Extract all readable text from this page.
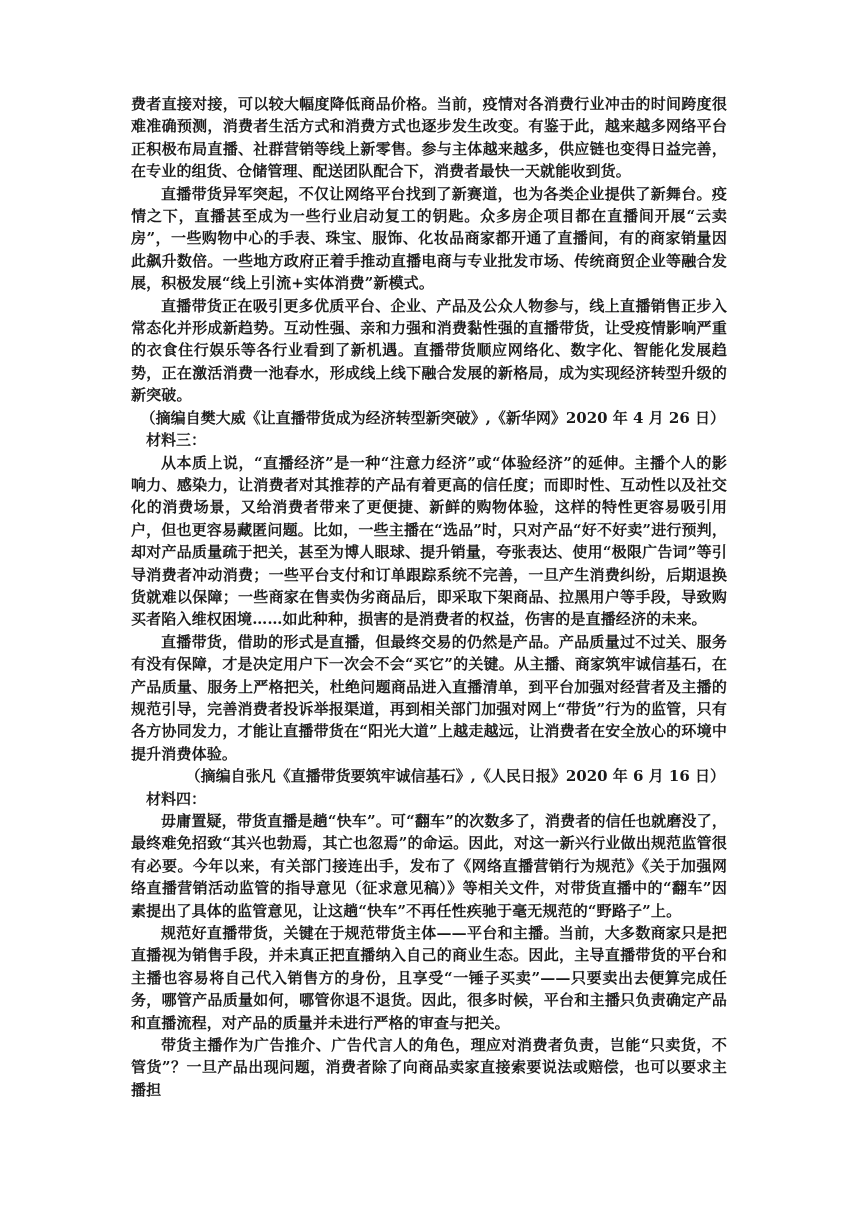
费者直接对接，可以较大幅度降低商品价格。当前，疫情对各消费行业冲击的时间跨度很难准确预测，消费者生活方式和消费方式也逐步发生改变。有鉴于此，越来越多网络平台正积极布局直播、社群营销等线上新零售。参与主体越来越多，供应链也变得日益完善，在专业的组货、仓储管理、配送团队配合下，消费者最快一天就能收到货。

直播带货异军突起，不仅让网络平台找到了新赛道，也为各类企业提供了新舞台。疫情之下，直播甚至成为一些行业启动复工的钥匙。众多房企项目都在直播间开展“云卖房”，一些购物中心的手表、珠宝、服饰、化妆品商家都开通了直播间，有的商家销量因此飙升数倍。一些地方政府正着手推动直播电商与专业批发市场、传统商贸企业等融合发展，积极发展“线上引流+实体消费”新模式。

直播带货正在吸引更多优质平台、企业、产品及公众人物参与，线上直播销售正步入常态化并形成新趋势。互动性强、亲和力强和消费黏性强的直播带货，让受疫情影响严重的衣食住行娱乐等各行业看到了新机遇。直播带货顺应网络化、数字化、智能化发展趋势，正在激活消费一池春水，形成线上线下融合发展的新格局，成为实现经济转型升级的新突破。

（摘编自樊大威《让直播带货成为经济转型新突破》,《新华网》2020 年 4 月 26 日）

材料三：

从本质上说，“直播经济”是一种“注意力经济”或“体验经济”的延伸。主播个人的影响力、感染力，让消费者对其推荐的产品有着更高的信任度；而即时性、互动性以及社交化的消费场景，又给消费者带来了更便捷、新鲜的购物体验，这样的特性更容易吸引用户，但也更容易藏匿问题。比如，一些主播在“选品”时，只对产品“好不好卖”进行预判，却对产品质量疏于把关，甚至为博人眼球、提升销量，夸张表达、使用“极限广告词”等引导消费者冲动消费；一些平台支付和订单跟踪系统不完善，一旦产生消费纠纷，后期退换货就难以保障；一些商家在售卖伪劣商品后，即采取下架商品、拉黑用户等手段，导致购买者陷入维权困境……如此种种，损害的是消费者的权益，伤害的是直播经济的未来。

直播带货，借助的形式是直播，但最终交易的仍然是产品。产品质量过不过关、服务有没有保障，才是决定用户下一次会不会“买它”的关键。从主播、商家筑牢诚信基石，在产品质量、服务上严格把关，杜绝问题商品进入直播清单，到平台加强对经营者及主播的规范引导，完善消费者投诉举报渠道，再到相关部门加强对网上“带货”行为的监管，只有各方协同发力，才能让直播带货在“阳光大道”上越走越远，让消费者在安全放心的环境中提升消费体验。

（摘编自张凡《直播带货要筑牢诚信基石》,《人民日报》2020 年 6 月 16 日）

材料四：

毋庸置疑，带货直播是趟“快车”。可“翻车”的次数多了，消费者的信任也就磨没了，最终难免招致“其兴也勃焉，其亡也忽焉”的命运。因此，对这一新兴行业做出规范监管很有必要。今年以来，有关部门接连出手，发布了《网络直播营销行为规范》《关于加强网络直播营销活动监管的指导意见（征求意见稿）》等相关文件，对带货直播中的“翻车”因素提出了具体的监管意见，让这趟“快车”不再任性疾驰于毫无规范的“野路子”上。

规范好直播带货，关键在于规范带货主体——平台和主播。当前，大多数商家只是把直播视为销售手段，并未真正把直播纳入自己的商业生态。因此，主导直播带货的平台和主播也容易将自己代入销售方的身份，且享受“一锤子买卖”——只要卖出去便算完成任务，哪管产品质量如何，哪管你退不退货。因此，很多时候，平台和主播只负责确定产品和直播流程，对产品的质量并未进行严格的审查与把关。

带货主播作为广告推介、广告代言人的角色，理应对消费者负责，岂能“只卖货，不管货”？一旦产品出现问题，消费者除了向商品卖家直接索要说法或赔偿，也可以要求主播担
